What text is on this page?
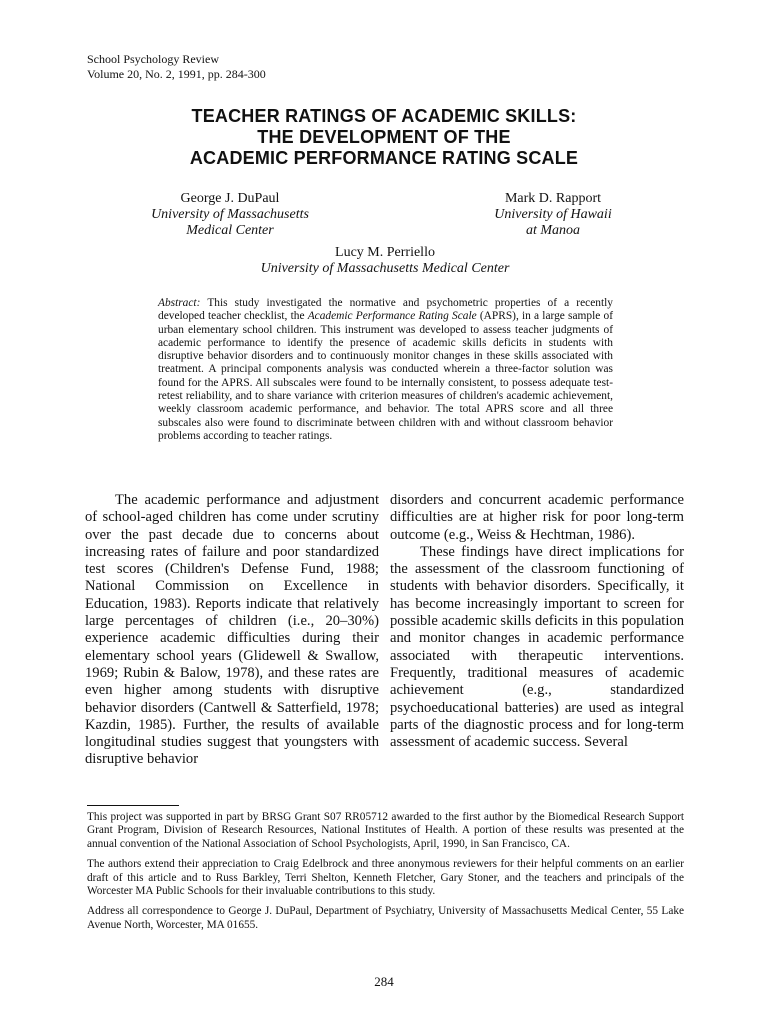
School Psychology Review
Volume 20, No. 2, 1991, pp. 284-300
TEACHER RATINGS OF ACADEMIC SKILLS:
THE DEVELOPMENT OF THE
ACADEMIC PERFORMANCE RATING SCALE
George J. DuPaul
University of Massachusetts
Medical Center
Mark D. Rapport
University of Hawaii
at Manoa
Lucy M. Perriello
University of Massachusetts Medical Center
Abstract: This study investigated the normative and psychometric properties of a recently developed teacher checklist, the Academic Performance Rating Scale (APRS), in a large sample of urban elementary school children. This instrument was developed to assess teacher judgments of academic performance to identify the presence of academic skills deficits in students with disruptive behavior disorders and to continuously monitor changes in these skills associated with treatment. A principal components analysis was conducted wherein a three-factor solution was found for the APRS. All subscales were found to be internally consistent, to possess adequate test-retest reliability, and to share variance with criterion measures of children's academic achievement, weekly classroom academic performance, and behavior. The total APRS score and all three subscales also were found to discriminate between children with and without classroom behavior problems according to teacher ratings.

The academic performance and adjustment of school-aged children has come under scrutiny over the past decade due to concerns about increasing rates of failure and poor standardized test scores (Children's Defense Fund, 1988; National Commission on Excellence in Education, 1983). Reports indicate that relatively large percentages of children (i.e., 20–30%) experience academic difficulties during their elementary school years (Glidewell & Swallow, 1969; Rubin & Balow, 1978), and these rates are even higher among students with disruptive behavior disorders (Cantwell & Satterfield, 1978; Kazdin, 1985). Further, the results of available longitudinal studies suggest that youngsters with disruptive behavior

disorders and concurrent academic performance difficulties are at higher risk for poor long-term outcome (e.g., Weiss & Hechtman, 1986).

These findings have direct implications for the assessment of the classroom functioning of students with behavior disorders. Specifically, it has become increasingly important to screen for possible academic skills deficits in this population and monitor changes in academic performance associated with therapeutic interventions. Frequently, traditional measures of academic achievement (e.g., standardized psychoeducational batteries) are used as integral parts of the diagnostic process and for long-term assessment of academic success. Several

This project was supported in part by BRSG Grant S07 RR05712 awarded to the first author by the Biomedical Research Support Grant Program, Division of Research Resources, National Institutes of Health. A portion of these results was presented at the annual convention of the National Association of School Psychologists, April, 1990, in San Francisco, CA.

The authors extend their appreciation to Craig Edelbrock and three anonymous reviewers for their helpful comments on an earlier draft of this article and to Russ Barkley, Terri Shelton, Kenneth Fletcher, Gary Stoner, and the teachers and principals of the Worcester MA Public Schools for their invaluable contributions to this study.

Address all correspondence to George J. DuPaul, Department of Psychiatry, University of Massachusetts Medical Center, 55 Lake Avenue North, Worcester, MA 01655.

284
